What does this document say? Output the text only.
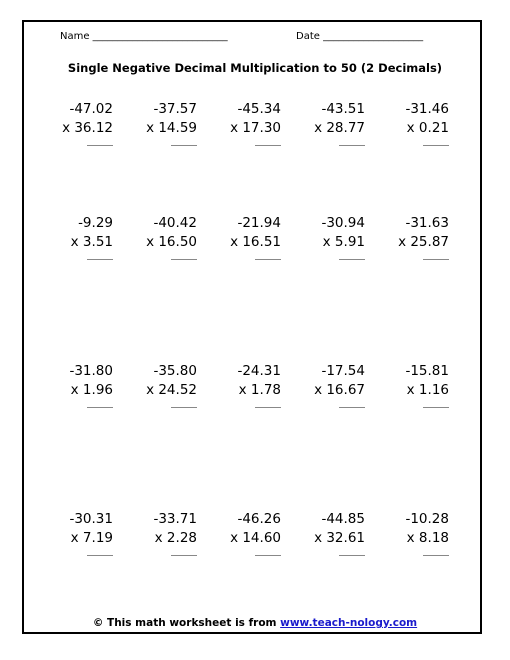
Name ___________________________	Date ____________________
Single Negative Decimal Multiplication to 50 (2 Decimals)
-47.02
x 36.12
-37.57
x 14.59
-45.34
x 17.30
-43.51
x 28.77
-31.46
x 0.21
-9.29
x 3.51
-40.42
x 16.50
-21.94
x 16.51
-30.94
x 5.91
-31.63
x 25.87
-31.80
x 1.96
-35.80
x 24.52
-24.31
x 1.78
-17.54
x 16.67
-15.81
x 1.16
-30.31
x 7.19
-33.71
x 2.28
-46.26
x 14.60
-44.85
x 32.61
-10.28
x 8.18
© This math worksheet is from www.teach-nology.com
